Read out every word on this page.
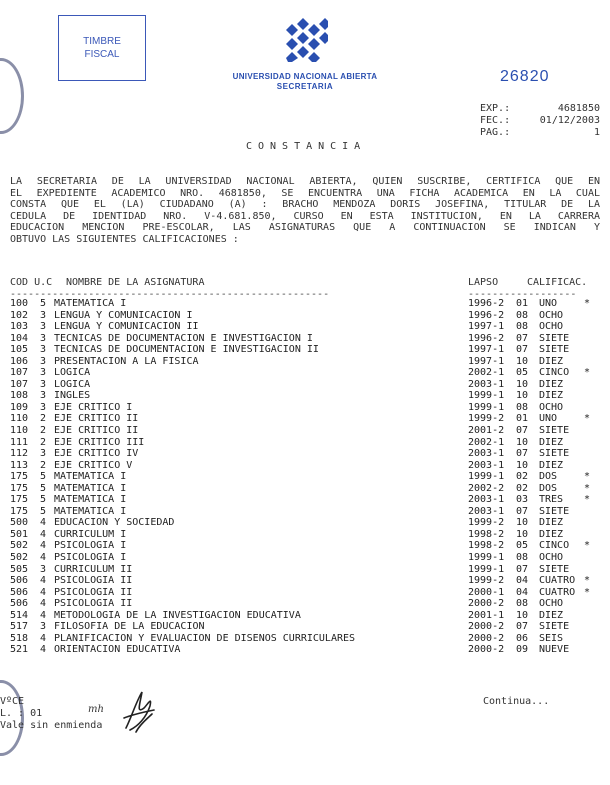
TIMBRE
FISCAL
UNIVERSIDAD NACIONAL ABIERTA
SECRETARIA
26820
EXP.:	4681850
FEC.:	01/12/2003
PAG.:	1
CONSTANCIA
LA SECRETARIA DE LA UNIVERSIDAD NACIONAL ABIERTA, QUIEN SUSCRIBE, CERTIFICA QUE EN
EL EXPEDIENTE ACADEMICO NRO. 4681850, SE ENCUENTRA UNA FICHA ACADEMICA EN LA CUAL
CONSTA QUE EL (LA) CIUDADANO (A) : BRACHO MENDOZA DORIS JOSEFINA, TITULAR DE LA
CEDULA DE IDENTIDAD NRO. V-4.681.850, CURSO EN ESTA INSTITUCION, EN LA CARRERA
EDUCACION MENCION PRE-ESCOLAR, LAS ASIGNATURAS QUE A CONTINUACION SE INDICAN Y
OBTUVO LAS SIGUIENTES CALIFICACIONES :
COD U.C NOMBRE DE LA ASIGNATURA	LAPSO	CALIFICAC.
-----------------------------------------------------	------------------
100 5 MATEMATICA I	1996-2 01 UNO	*
102 3 LENGUA Y COMUNICACION I	1996-2 08 OCHO
103 3 LENGUA Y COMUNICACION II	1997-1 08 OCHO
104 3 TECNICAS DE DOCUMENTACION E INVESTIGACION I	1996-2 07 SIETE
105 3 TECNICAS DE DOCUMENTACION E INVESTIGACION II	1997-1 07 SIETE
106 3 PRESENTACION A LA FISICA	1997-1 10 DIEZ
107 3 LOGICA	2002-1 05 CINCO *
107 3 LOGICA	2003-1 10 DIEZ
108 3 INGLES	1999-1 10 DIEZ
109 3 EJE CRITICO I	1999-1 08 OCHO
110 2 EJE CRITICO II	1999-2 01 UNO	*
110 2 EJE CRITICO II	2001-2 07 SIETE
111 2 EJE CRITICO III	2002-1 10 DIEZ
112 3 EJE CRITICO IV	2003-1 07 SIETE
113 2 EJE CRITICO V	2003-1 10 DIEZ
175 5 MATEMATICA I	1999-1 02 DOS	*
175 5 MATEMATICA I	2002-2 02 DOS	*
175 5 MATEMATICA I	2003-1 03 TRES *
175 5 MATEMATICA I	2003-1 07 SIETE
500 4 EDUCACION Y SOCIEDAD	1999-2 10 DIEZ
501 4 CURRICULUM I	1998-2 10 DIEZ
502 4 PSICOLOGIA I	1998-2 05 CINCO *
502 4 PSICOLOGIA I	1999-1 08 OCHO
505 3 CURRICULUM II	1999-1 07 SIETE
506 4 PSICOLOGIA II	1999-2 04 CUATRO *
506 4 PSICOLOGIA II	2000-1 04 CUATRO *
506 4 PSICOLOGIA II	2000-2 08 OCHO
514 4 METODOLOGIA DE LA INVESTIGACION EDUCATIVA	2001-1 10 DIEZ
517 3 FILOSOFIA DE LA EDUCACION	2000-2 07 SIETE
518 4 PLANIFICACION Y EVALUACION DE DISENOS CURRICULARES	2000-2 06 SEIS
521 4 ORIENTACION EDUCATIVA	2000-2 09 NUEVE
VºCE
L. : 01
Vale sin enmienda
mh
Continua...
